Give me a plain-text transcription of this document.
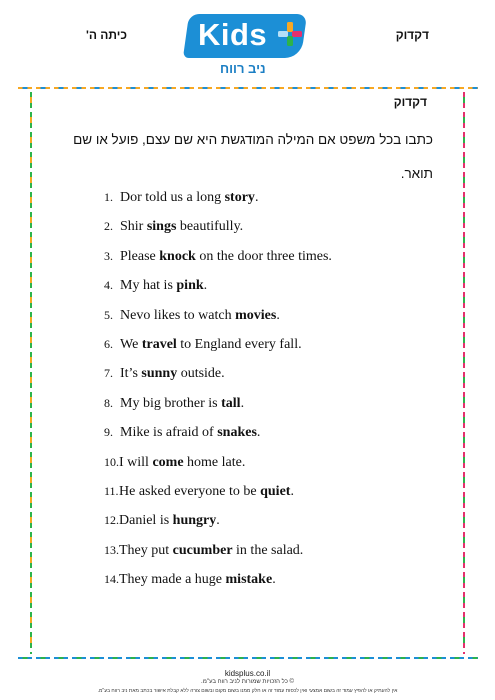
כיתה ה'	דקדוק
Kids
ניב רווח
דקדוק
כתבו בכל משפט אם המילה המודגשת היא שם עצם, פועל או שם תואר.
1. Dor told us a long story.
2. Shir sings beautifully.
3. Please knock on the door three times.
4. My hat is pink.
5. Nevo likes to watch movies.
6. We travel to England every fall.
7. It’s sunny outside.
8. My big brother is tall.
9. Mike is afraid of snakes.
10.I will come home late.
11.He asked everyone to be quiet.
12.Daniel is hungry.
13.They put cucumber in the salad.
14.They made a huge mistake.
kidsplus.co.il
© כל הזכויות שמורות לניב רווח בע"מ.
אין להעתיק או להפיץ עמוד זה בשום אמצעי ואין לכסות עמוד זה או חלק ממנו בשום מקום ובשום צורה ללא קבלת אישור בכתב מאת ניב רווח בע"מ.
